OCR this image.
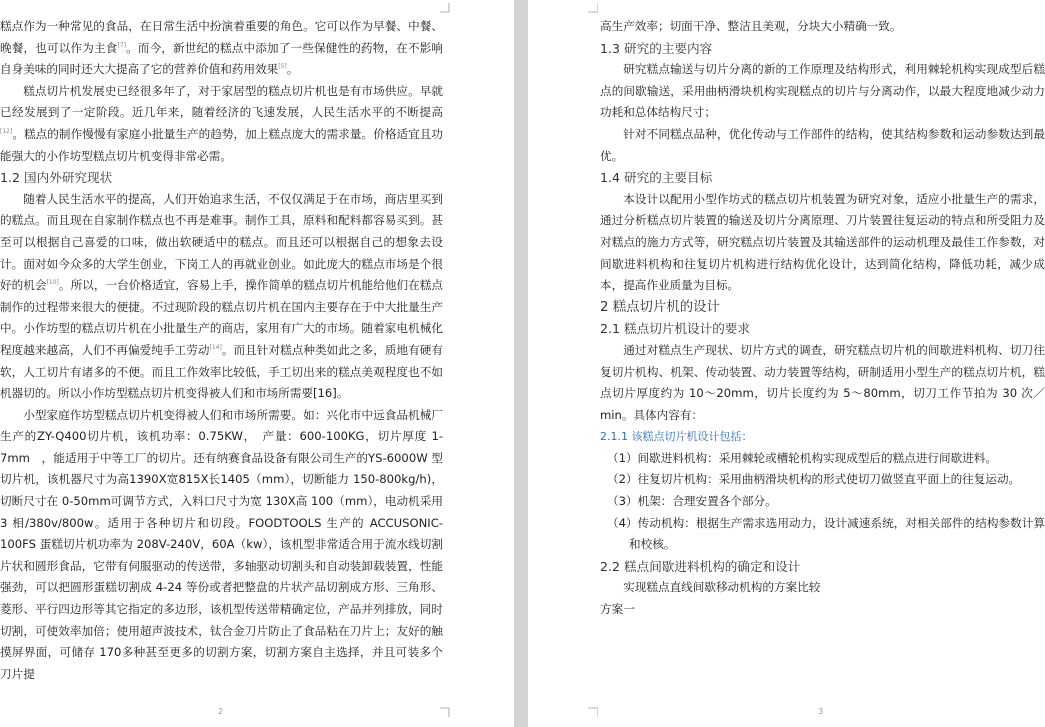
糕点作为一种常见的食品，在日常生活中扮演着重要的角色。它可以作为早餐、中餐、晚餐，也可以作为主食[7]。而今，新世纪的糕点中添加了一些保健性的药物，在不影响自身美味的同时还大大提高了它的营养价值和药用效果[5]。

糕点切片机发展史已经很多年了，对于家居型的糕点切片机也是有市场供应。早就已经发展到了一定阶段。近几年来，随着经济的飞速发展，人民生活水平的不断提高[12]。糕点的制作慢慢有家庭小批量生产的趋势，加上糕点庞大的需求量。价格适宜且功能强大的小作坊型糕点切片机变得非常必需。

1.2 国内外研究现状

随着人民生活水平的提高，人们开始追求生活，不仅仅满足于在市场，商店里买到的糕点。而且现在自家制作糕点也不再是难事。制作工具，原料和配料都容易买到。甚至可以根据自己喜爱的口味，做出软硬适中的糕点。而且还可以根据自己的想象去设计。面对如今众多的大学生创业，下岗工人的再就业创业。如此庞大的糕点市场是个很好的机会[10]。所以，一台价格适宜，容易上手，操作简单的糕点切片机能给他们在糕点制作的过程带来很大的便捷。不过现阶段的糕点切片机在国内主要存在于中大批量生产中。小作坊型的糕点切片机在小批量生产的商店，家用有广大的市场。随着家电机械化程度越来越高，人们不再偏爱纯手工劳动[14]。而且针对糕点种类如此之多，质地有硬有软，人工切片有诸多的不便。而且工作效率比较低，手工切出来的糕点美观程度也不如机器切的。所以小作坊型糕点切片机变得被人们和市场所需要[16]。

小型家庭作坊型糕点切片机变得被人们和市场所需要。如：兴化市中远食品机械厂生产的ZY-Q400切片机，该机功率：0.75KW，　产量：600-100KG，切片厚度 1-7mm　，能适用于中等工厂的切片。还有纳赛食品设备有限公司生产的YS-6000W 型切片机，该机器尺寸为高1390X宽815X长1405（mm），切断能力 150-800kg/h)，切断尺寸在 0-50mm可调节方式，入料口尺寸为宽 130X高 100（mm），电动机采用 3 相/380v/800w。适用于各种切片和切段。FOODTOOLS 生产的 ACCUSONIC-100FS 蛋糕切片机功率为 208V-240V，60A（kw），该机型非常适合用于流水线切割片状和圆形食品，它带有伺服驱动的传送带，多轴驱动切割头和自动装卸载装置，性能强劲，可以把圆形蛋糕切割成 4-24 等份或者把整盘的片状产品切割成方形、三角形、菱形、平行四边形等其它指定的多边形，该机型传送带精确定位，产品并列排放，同时切割，可使效率加倍；使用超声波技术，钛合金刀片防止了食品粘在刀片上；友好的触摸屏界面，可储存 170多种甚至更多的切割方案，切割方案自主选择，并且可装多个刀片提

2

高生产效率；切面干净、整洁且美观，分块大小精确一致。

1.3 研究的主要内容

研究糕点输送与切片分离的新的工作原理及结构形式，利用棘轮机构实现成型后糕点的间歇输送，采用曲柄滑块机构实现糕点的切片与分离动作，以最大程度地减少动力功耗和总体结构尺寸；

针对不同糕点品种，优化传动与工作部件的结构，使其结构参数和运动参数达到最优。

1.4 研究的主要目标

本设计以配用小型作坊式的糕点切片机装置为研究对象，适应小批量生产的需求，通过分析糕点切片装置的输送及切片分离原理、刀片装置往复运动的特点和所受阻力及对糕点的施力方式等，研究糕点切片装置及其输送部件的运动机理及最佳工作参数，对间歇进料机构和往复切片机构进行结构优化设计，达到简化结构，降低功耗，减少成本，提高作业质量为目标。

2 糕点切片机的设计

2.1 糕点切片机设计的要求

通过对糕点生产现状、切片方式的调查，研究糕点切片机的间歇进料机构、切刀往复切片机构、机架、传动装置、动力装置等结构，研制适用小型生产的糕点切片机，糕点切片厚度约为 10～20mm，切片长度约为 5～80mm，切刀工作节拍为 30 次／min。具体内容有：

2.1.1 该糕点切片机设计包括：

（1）间歇进料机构：采用棘轮或槽轮机构实现成型后的糕点进行间歇进料。

（2）往复切片机构：采用曲柄滑块机构的形式使切刀做竖直平面上的往复运动。

（3）机架：合理安置各个部分。

（4）传动机构：根据生产需求选用动力，设计减速系统，对相关部件的结构参数计算和校核。

2.2 糕点间歇进料机构的确定和设计

实现糕点直线间歇移动机构的方案比较

方案一

3
